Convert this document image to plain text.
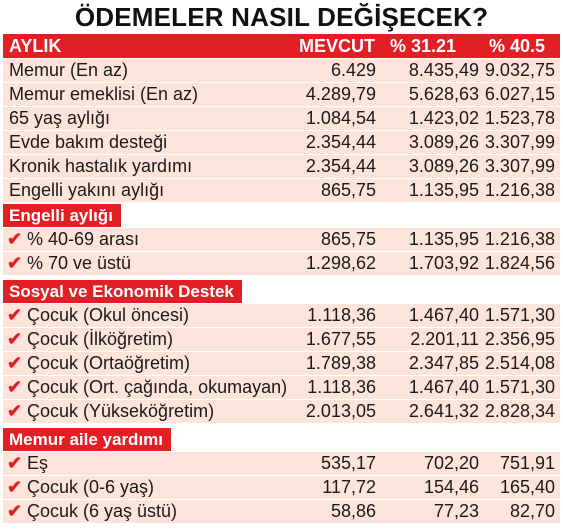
ÖDEMELER NASIL DEĞİŞECEK?
AYLIK	MEVCUT % 31.21	% 40.5
Memur (En az)	6.429	8.435,49 9.032,75
Memur emeklisi (En az)	4.289,79	5.628,63 6.027,15
65 yaş aylığı	1.084,54	1.423,02 1.523,78
Evde bakım desteği	2.354,44	3.089,26 3.307,99
Kronik hastalık yardımı	2.354,44	3.089,26 3.307,99
Engelli yakını aylığı	865,75	1.135,95 1.216,38
Engelli aylığı
✔ % 40-69 arası	865,75	1.135,95 1.216,38
✔ % 70 ve üstü	1.298,62	1.703,92 1.824,56
Sosyal ve Ekonomik Destek
✔ Çocuk (Okul öncesi)	1.118,36	1.467,40 1.571,30
✔ Çocuk (İlköğretim)	1.677,55	2.201,11 2.356,95
✔ Çocuk (Ortaöğretim)	1.789,38	2.347,85 2.514,08
✔ Çocuk (Ort. çağında, okumayan)	1.118,36	1.467,40 1.571,30
✔ Çocuk (Yükseköğretim)	2.013,05	2.641,32 2.828,34
Memur aile yardımı
✔ Eş	535,17	702,20	751,91
✔ Çocuk (0-6 yaş)	117,72	154,46	165,40
✔ Çocuk (6 yaş üstü)	58,86	77,23	82,70
